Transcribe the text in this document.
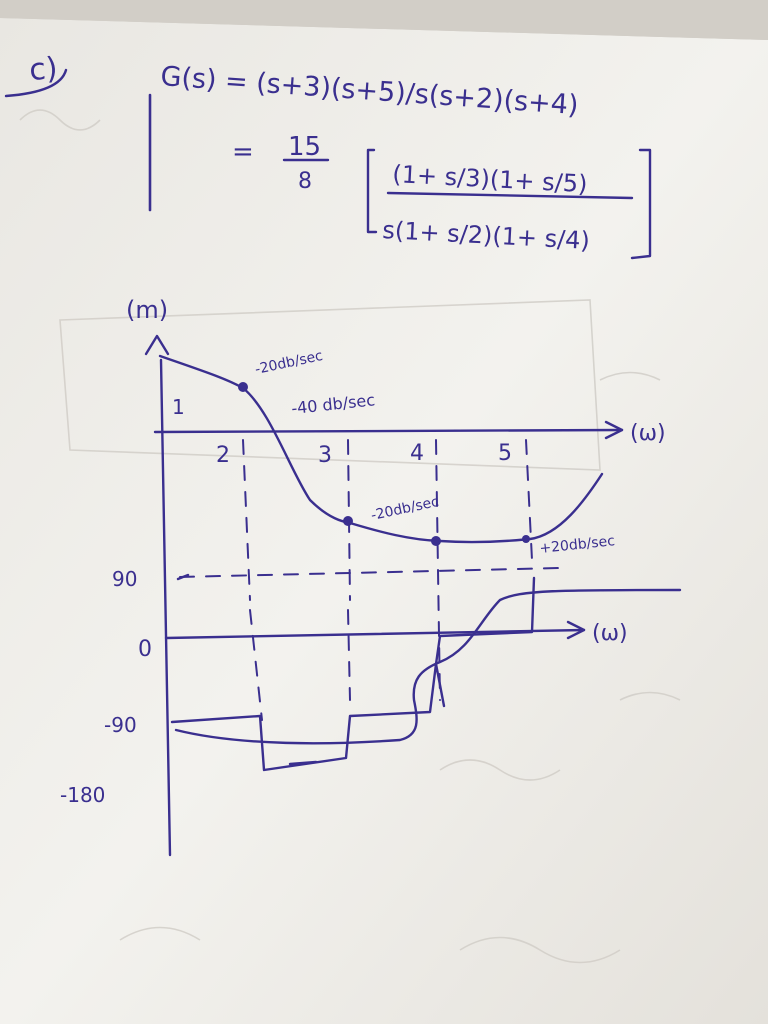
c)	G(s) = (s+3)(s+5)/s(s+2)(s+4)
= 15
8	(1+ s/3)(1+ s/5)
s(1+ s/2)(1+ s/4)
(m)
(ω)
1
2	3	4	5
-20db/sec
-40 db/sec
-20db/sec
+20db/sec
(ω)
90
0
-90
-180
